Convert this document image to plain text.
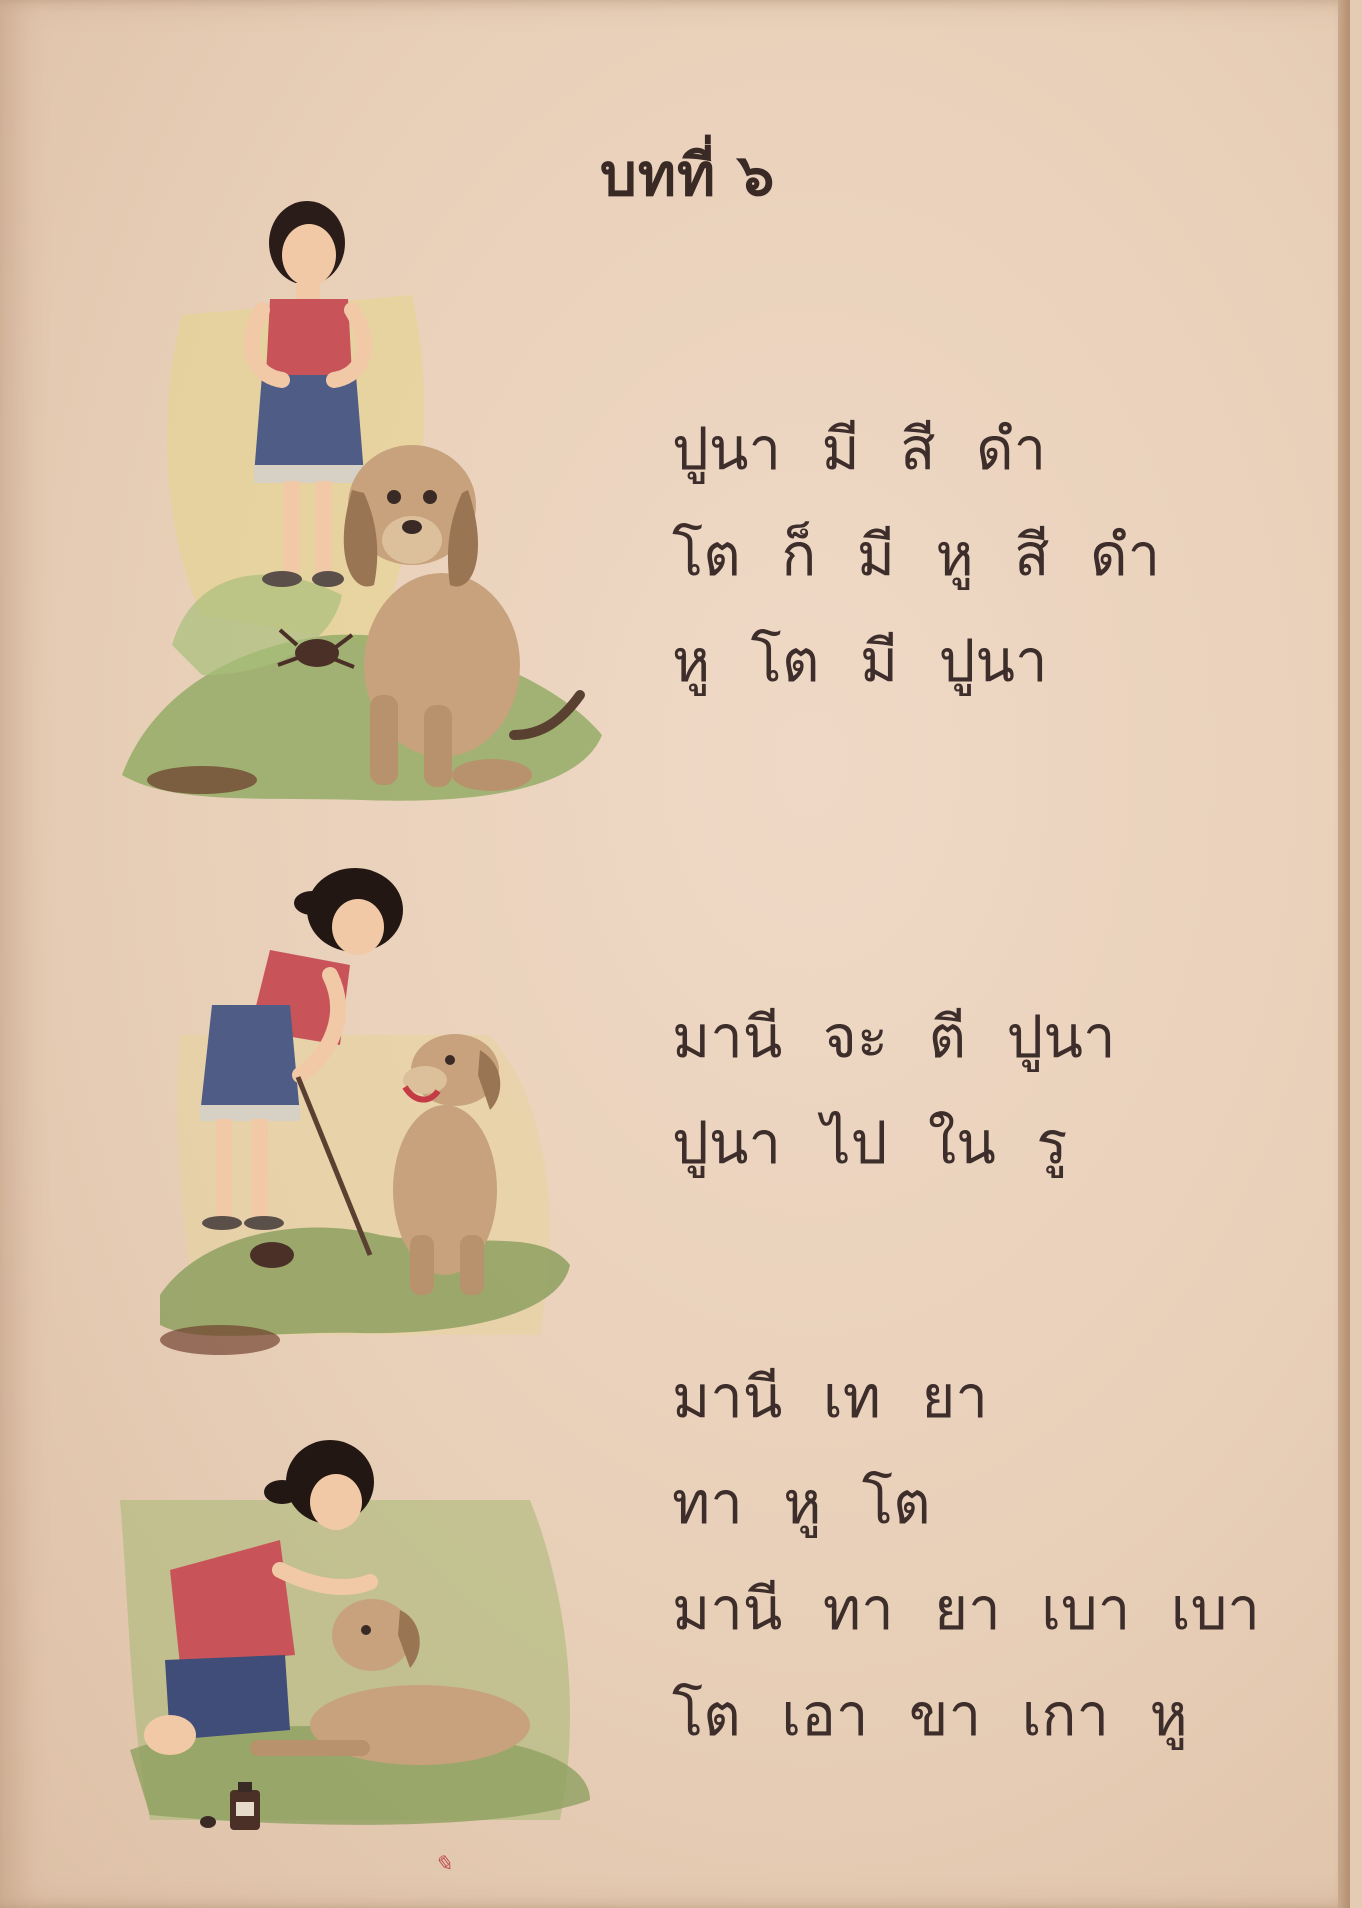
บทที่ ๖
ปูนา มี สี ดำ
โต ก็ มี หู สี ดำ
หู โต มี ปูนา
มานี จะ ตี ปูนา
ปูนา ไป ใน รู
มานี เท ยา
ทา หู โต
มานี ทา ยา เบา เบา
โต เอา ขา เกา หู
✎
